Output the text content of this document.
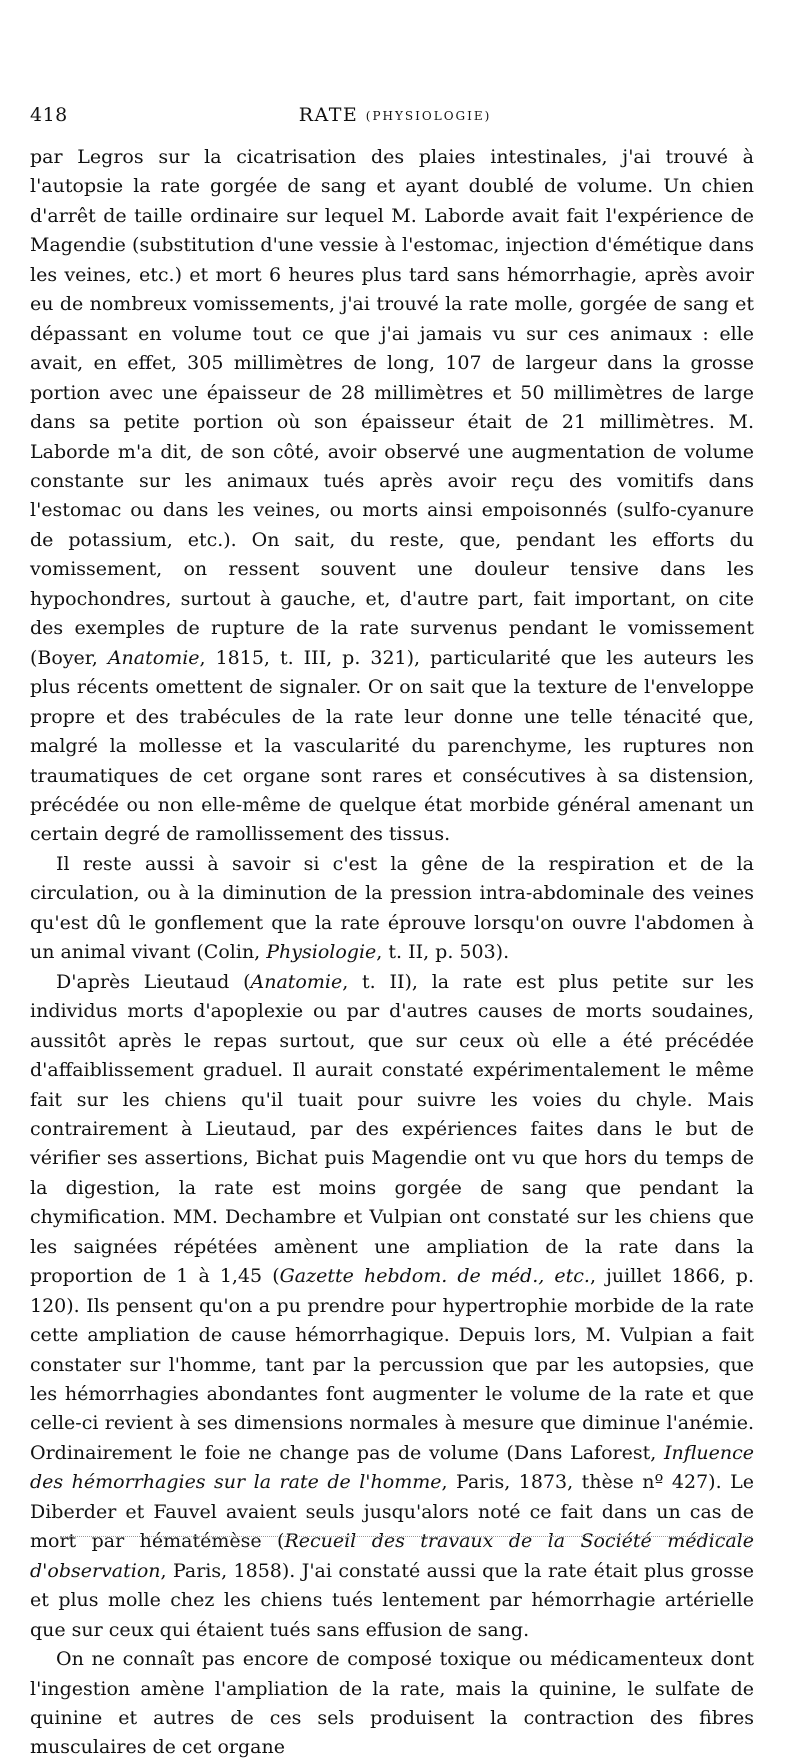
418	RATE (PHYSIOLOGIE)

par Legros sur la cicatrisation des plaies intestinales, j'ai trouvé à l'autopsie la rate gorgée de sang et ayant doublé de volume. Un chien d'arrêt de taille ordinaire sur lequel M. Laborde avait fait l'expérience de Magendie (substitution d'une vessie à l'estomac, injection d'émétique dans les veines, etc.) et mort 6 heures plus tard sans hémorrhagie, après avoir eu de nombreux vomissements, j'ai trouvé la rate molle, gorgée de sang et dépassant en volume tout ce que j'ai jamais vu sur ces animaux : elle avait, en effet, 305 millimètres de long, 107 de largeur dans la grosse portion avec une épaisseur de 28 millimètres et 50 millimètres de large dans sa petite portion où son épaisseur était de 21 millimètres. M. Laborde m'a dit, de son côté, avoir observé une augmentation de volume constante sur les animaux tués après avoir reçu des vomitifs dans l'estomac ou dans les veines, ou morts ainsi empoisonnés (sulfo-cyanure de potassium, etc.). On sait, du reste, que, pendant les efforts du vomissement, on ressent souvent une douleur tensive dans les hypochondres, surtout à gauche, et, d'autre part, fait important, on cite des exemples de rupture de la rate survenus pendant le vomissement (Boyer, Anatomie, 1815, t. III, p. 321), particularité que les auteurs les plus récents omettent de signaler. Or on sait que la texture de l'enveloppe propre et des trabécules de la rate leur donne une telle ténacité que, malgré la mollesse et la vascularité du parenchyme, les ruptures non traumatiques de cet organe sont rares et consécutives à sa distension, précédée ou non elle-même de quelque état morbide général amenant un certain degré de ramollissement des tissus.

Il reste aussi à savoir si c'est la gêne de la respiration et de la circulation, ou à la diminution de la pression intra-abdominale des veines qu'est dû le gonflement que la rate éprouve lorsqu'on ouvre l'abdomen à un animal vivant (Colin, Physiologie, t. II, p. 503).

D'après Lieutaud (Anatomie, t. II), la rate est plus petite sur les individus morts d'apoplexie ou par d'autres causes de morts soudaines, aussitôt après le repas surtout, que sur ceux où elle a été précédée d'affaiblissement graduel. Il aurait constaté expérimentalement le même fait sur les chiens qu'il tuait pour suivre les voies du chyle. Mais contrairement à Lieutaud, par des expériences faites dans le but de vérifier ses assertions, Bichat puis Magendie ont vu que hors du temps de la digestion, la rate est moins gorgée de sang que pendant la chymification. MM. Dechambre et Vulpian ont constaté sur les chiens que les saignées répétées amènent une ampliation de la rate dans la proportion de 1 à 1,45 (Gazette hebdom. de méd., etc., juillet 1866, p. 120). Ils pensent qu'on a pu prendre pour hypertrophie morbide de la rate cette ampliation de cause hémorrhagique. Depuis lors, M. Vulpian a fait constater sur l'homme, tant par la percussion que par les autopsies, que les hémorrhagies abondantes font augmenter le volume de la rate et que celle-ci revient à ses dimensions normales à mesure que diminue l'anémie. Ordinairement le foie ne change pas de volume (Dans Laforest, Influence des hémorrhagies sur la rate de l'homme, Paris, 1873, thèse nº 427). Le Diberder et Fauvel avaient seuls jusqu'alors noté ce fait dans un cas de mort par hématémèse (Recueil des travaux de la Société médicale d'observation, Paris, 1858). J'ai constaté aussi que la rate était plus grosse et plus molle chez les chiens tués lentement par hémorrhagie artérielle que sur ceux qui étaient tués sans effusion de sang.

On ne connaît pas encore de composé toxique ou médicamenteux dont l'ingestion amène l'ampliation de la rate, mais la quinine, le sulfate de quinine et autres de ces sels produisent la contraction des fibres musculaires de cet organe
